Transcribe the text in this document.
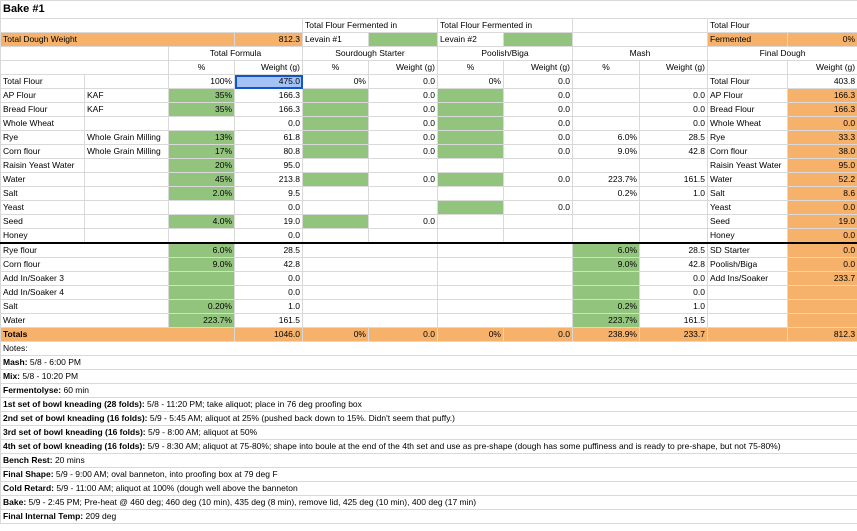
Bake #1											
				Total Flour Fermented in		Total Flour Fermented in				Total Flour	
Total Dough Weight			812.3	Levain #1		Levain #2				Fermented	0%
		Total Formula		Sourdough Starter		Poolish/Biga		Mash		Final Dough	
		%	Weight (g)	%	Weight (g)	%	Weight (g)	%	Weight (g)		Weight (g)
Total Flour		100%	475.0	0%	0.0	0%	0.0			Total Flour	403.8
AP Flour	KAF	35%	166.3		0.0		0.0		0.0	AP Flour	166.3
Bread Flour	KAF	35%	166.3		0.0		0.0		0.0	Bread Flour	166.3
Whole Wheat			0.0		0.0		0.0		0.0	Whole Wheat	0.0
Rye	Whole Grain Milling	13%	61.8		0.0		0.0	6.0%	28.5	Rye	33.3
Corn flour	Whole Grain Milling	17%	80.8		0.0		0.0	9.0%	42.8	Corn flour	38.0
Raisin Yeast Water		20%	95.0							Raisin Yeast Water	95.0
Water		45%	213.8		0.0		0.0	223.7%	161.5	Water	52.2
Salt		2.0%	9.5					0.2%	1.0	Salt	8.6
Yeast			0.0				0.0			Yeast	0.0
Seed		4.0%	19.0		0.0					Seed	19.0
Honey			0.0							Honey	0.0
Rye flour		6.0%	28.5					6.0%	28.5	SD Starter	0.0
Corn flour		9.0%	42.8					9.0%	42.8	Poolish/Biga	0.0
Add In/Soaker 3			0.0						0.0	Add Ins/Soaker	233.7
Add In/Soaker 4			0.0						0.0		
Salt		0.20%	1.0					0.2%	1.0		
Water		223.7%	161.5					223.7%	161.5		
Totals			1046.0	0%	0.0	0%	0.0	238.9%	233.7		812.3
Notes:											
Mash: 5/8 - 6:00 PM											
Mix: 5/8 - 10:20 PM											
Fermentolyse: 60 min											
1st set of bowl kneading (28 folds): 5/8 - 11:20 PM; take aliquot; place in 76 deg proofing box											
2nd set of bowl kneading (16 folds): 5/9 - 5:45 AM; aliquot at 25% (pushed back down to 15%. Didn't seem that puffy.)											
3rd set of bowl kneading (16 folds): 5/9 - 8:00 AM; aliquot at 50%											
4th set of bowl kneading (16 folds): 5/9 - 8:30 AM; aliquot at 75-80%; shape into boule at the end of the 4th set and use as pre-shape (dough has some puffiness and is ready to pre-shape, but not 75-80%)											
Bench Rest: 20 mins											
Final Shape: 5/9 - 9:00 AM; oval banneton, into proofing box at 79 deg F											
Cold Retard: 5/9 - 11:00 AM; aliquot at 100% (dough well above the banneton											
Bake: 5/9 - 2:45 PM; Pre-heat @ 460 deg; 460 deg (10 min), 435 deg (8 min), remove lid, 425 deg (10 min), 400 deg (17 min)											
Final Internal Temp: 209 deg											
